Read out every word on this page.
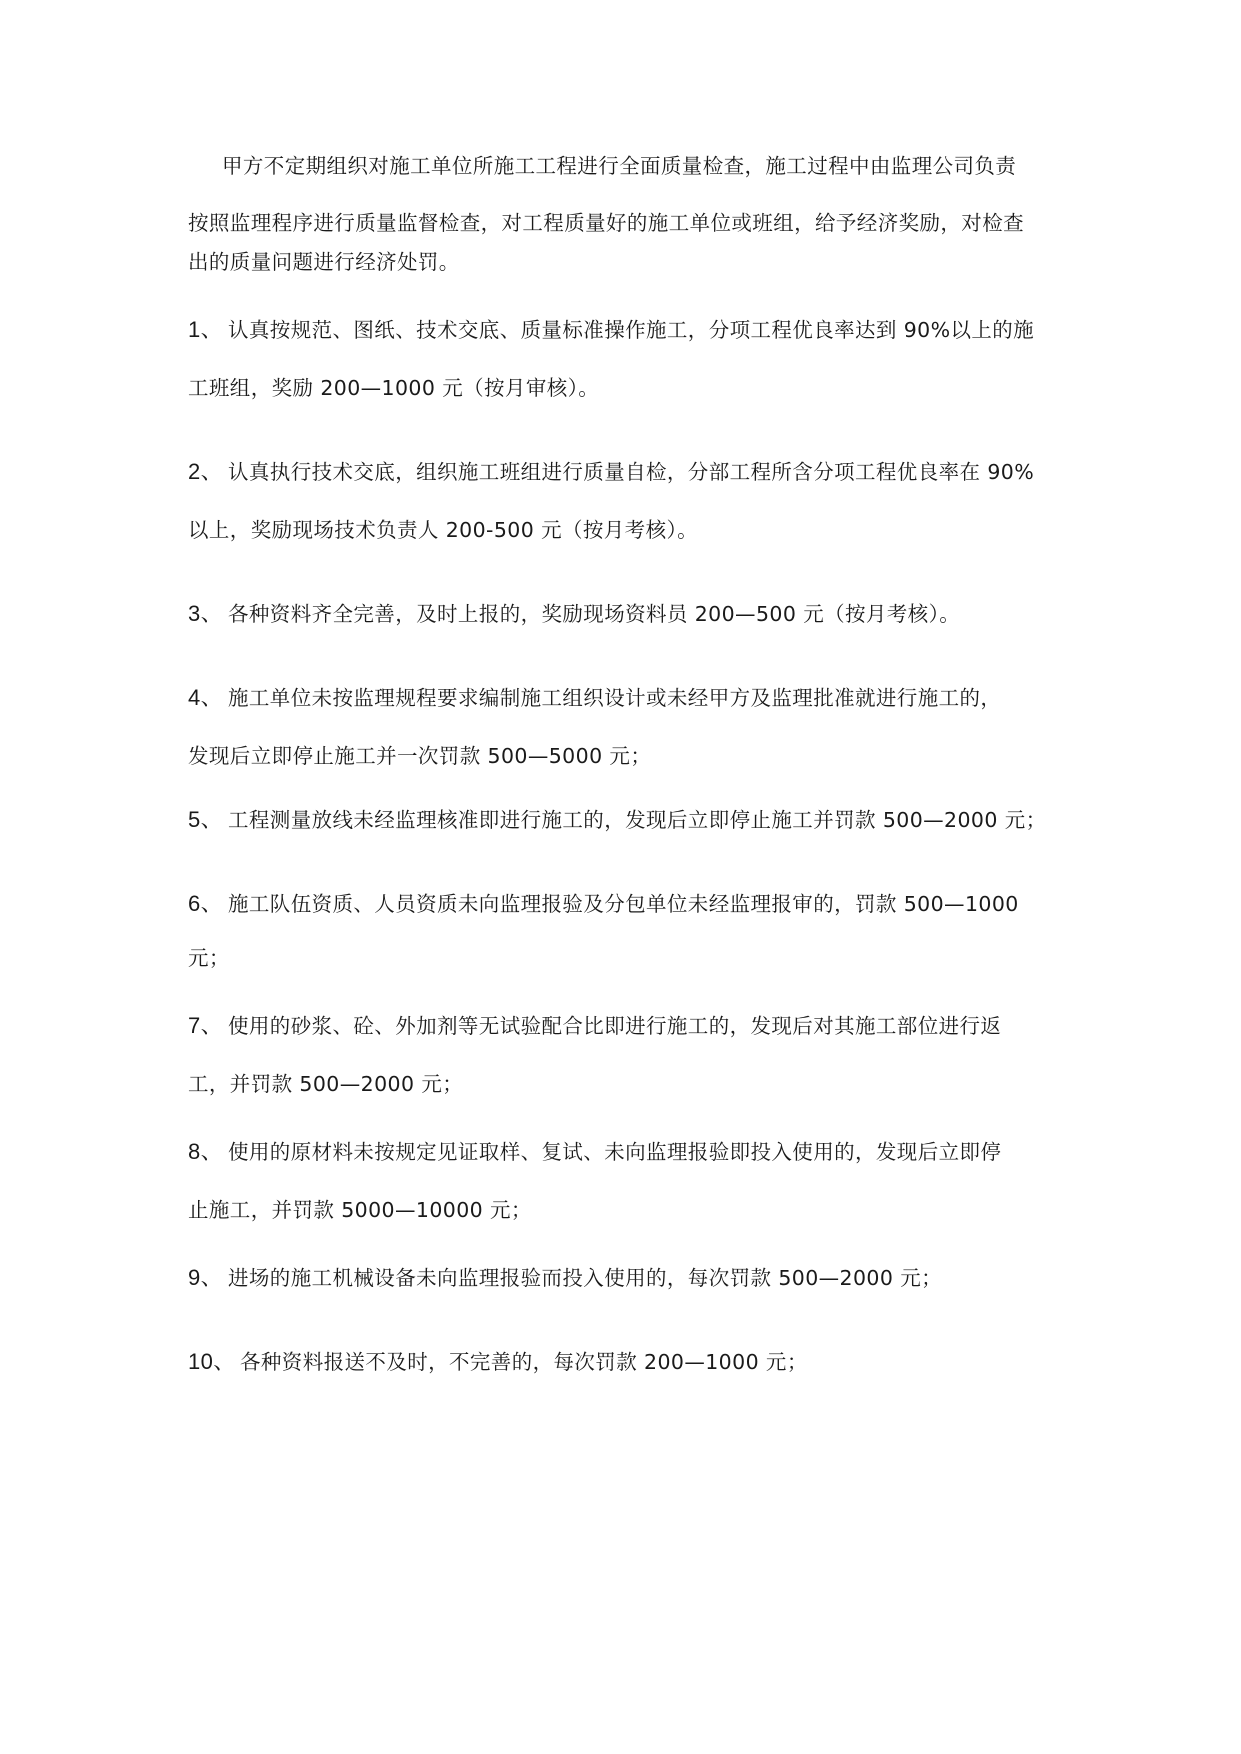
甲方不定期组织对施工单位所施工工程进行全面质量检查，施工过程中由监理公司负责
按照监理程序进行质量监督检查，对工程质量好的施工单位或班组，给予经济奖励，对检查
出的质量问题进行经济处罚。
1、 认真按规范、图纸、技术交底、质量标准操作施工，分项工程优良率达到 90%以上的施
工班组，奖励 200—1000 元（按月审核）。
2、 认真执行技术交底，组织施工班组进行质量自检，分部工程所含分项工程优良率在 90%
以上，奖励现场技术负责人 200-500 元（按月考核）。
3、 各种资料齐全完善，及时上报的，奖励现场资料员 200—500 元（按月考核）。
4、 施工单位未按监理规程要求编制施工组织设计或未经甲方及监理批准就进行施工的，
发现后立即停止施工并一次罚款 500—5000 元；
5、 工程测量放线未经监理核准即进行施工的，发现后立即停止施工并罚款 500—2000 元；
6、 施工队伍资质、人员资质未向监理报验及分包单位未经监理报审的，罚款 500—1000
元；
7、 使用的砂浆、砼、外加剂等无试验配合比即进行施工的，发现后对其施工部位进行返
工，并罚款 500—2000 元；
8、 使用的原材料未按规定见证取样、复试、未向监理报验即投入使用的，发现后立即停
止施工，并罚款 5000—10000 元；
9、 进场的施工机械设备未向监理报验而投入使用的，每次罚款 500—2000 元；
10、 各种资料报送不及时，不完善的，每次罚款 200—1000 元；
